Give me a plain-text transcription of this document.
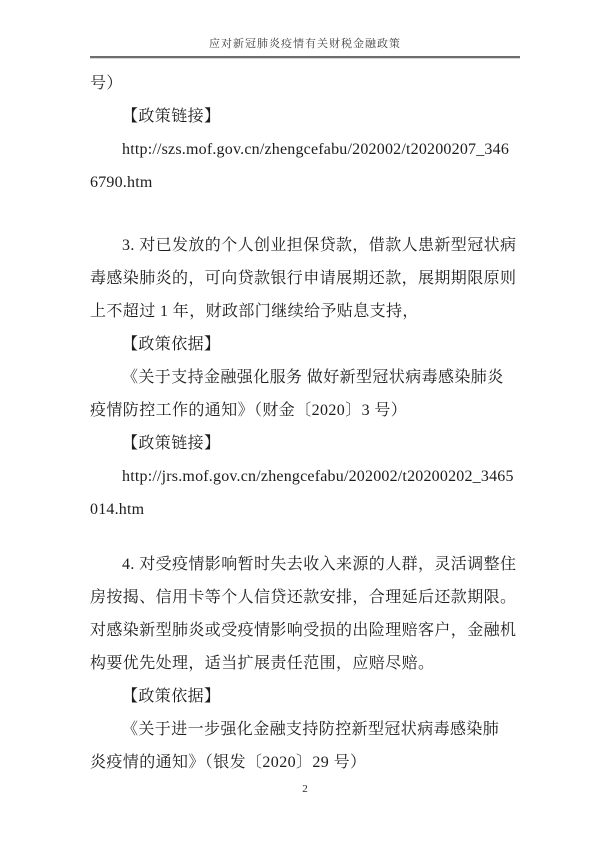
应对新冠肺炎疫情有关财税金融政策
号）
【政策链接】
http://szs.mof.gov.cn/zhengcefabu/202002/t20200207_346
6790.htm
3. 对已发放的个人创业担保贷款，借款人患新型冠状病
毒感染肺炎的，可向贷款银行申请展期还款，展期期限原则
上不超过 1 年，财政部门继续给予贴息支持，
【政策依据】
《关于支持金融强化服务 做好新型冠状病毒感染肺炎
疫情防控工作的通知》（财金〔2020〕3 号）
【政策链接】
http://jrs.mof.gov.cn/zhengcefabu/202002/t20200202_3465
014.htm
4. 对受疫情影响暂时失去收入来源的人群，灵活调整住
房按揭、信用卡等个人信贷还款安排，合理延后还款期限。
对感染新型肺炎或受疫情影响受损的出险理赔客户，金融机
构要优先处理，适当扩展责任范围，应赔尽赔。
【政策依据】
《关于进一步强化金融支持防控新型冠状病毒感染肺
炎疫情的通知》（银发〔2020〕29 号）
2
